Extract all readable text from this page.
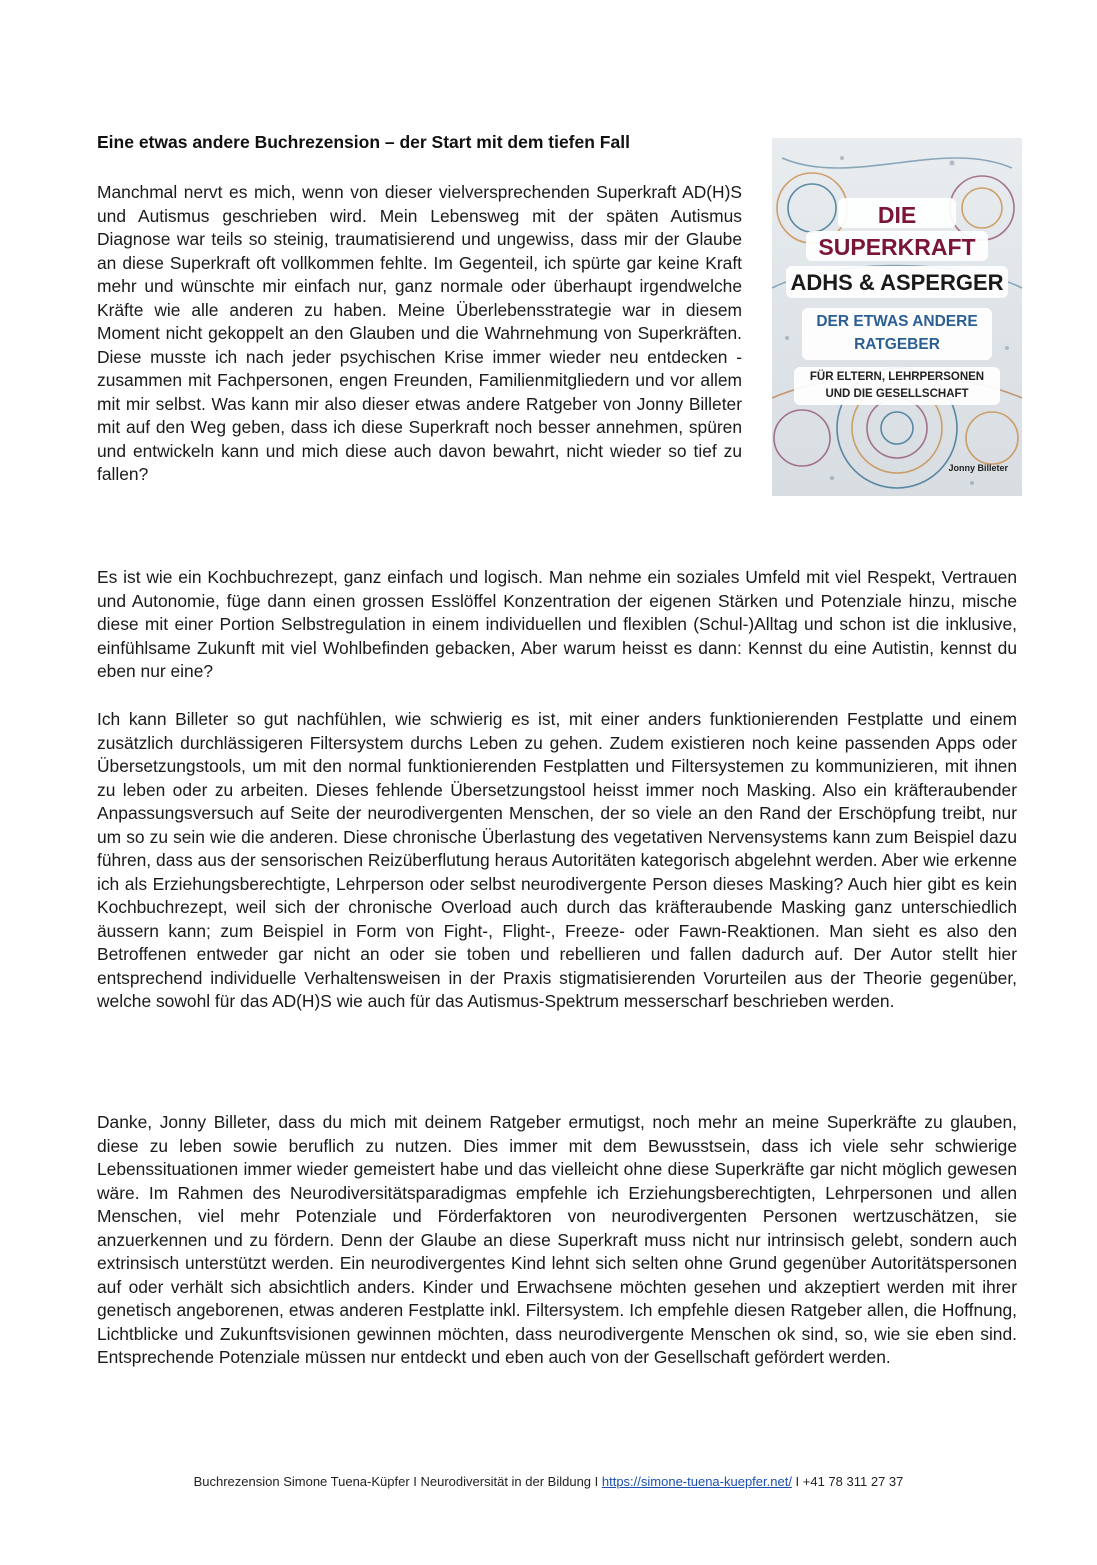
Eine etwas andere Buchrezension – der Start mit dem tiefen Fall

Manchmal nervt es mich, wenn von dieser vielversprechenden Superkraft AD(H)S und Autismus geschrieben wird. Mein Lebensweg mit der späten Autismus Diagnose war teils so steinig, traumatisierend und ungewiss, dass mir der Glaube an diese Superkraft oft vollkommen fehlte. Im Gegenteil, ich spürte gar keine Kraft mehr und wünschte mir einfach nur, ganz normale oder überhaupt irgendwelche Kräfte wie alle anderen zu haben. Meine Überlebensstrategie war in diesem Moment nicht gekoppelt an den Glauben und die Wahrnehmung von Superkräften. Diese musste ich nach jeder psychischen Krise immer wieder neu entdecken - zusammen mit Fachpersonen, engen Freunden, Familienmitgliedern und vor allem mit mir selbst. Was kann mir also dieser etwas andere Ratgeber von Jonny Billeter mit auf den Weg geben, dass ich diese Superkraft noch besser annehmen, spüren und entwickeln kann und mich diese auch davon bewahrt, nicht wieder so tief zu fallen?

DIE
SUPERKRAFT
ADHS & ASPERGER
DER ETWAS ANDERE
RATGEBER
FÜR ELTERN, LEHRPERSONEN
UND DIE GESELLSCHAFT
Jonny Billeter

Es ist wie ein Kochbuchrezept, ganz einfach und logisch. Man nehme ein soziales Umfeld mit viel Respekt, Vertrauen und Autonomie, füge dann einen grossen Esslöffel Konzentration der eigenen Stärken und Potenziale hinzu, mische diese mit einer Portion Selbstregulation in einem individuellen und flexiblen (Schul-)Alltag und schon ist die inklusive, einfühlsame Zukunft mit viel Wohlbefinden gebacken, Aber warum heisst es dann: Kennst du eine Autistin, kennst du eben nur eine?

Ich kann Billeter so gut nachfühlen, wie schwierig es ist, mit einer anders funktionierenden Festplatte und einem zusätzlich durchlässigeren Filtersystem durchs Leben zu gehen. Zudem existieren noch keine passenden Apps oder Übersetzungstools, um mit den normal funktionierenden Festplatten und Filtersystemen zu kommunizieren, mit ihnen zu leben oder zu arbeiten. Dieses fehlende Übersetzungstool heisst immer noch Masking. Also ein kräfteraubender Anpassungsversuch auf Seite der neurodivergenten Menschen, der so viele an den Rand der Erschöpfung treibt, nur um so zu sein wie die anderen. Diese chronische Überlastung des vegetativen Nervensystems kann zum Beispiel dazu führen, dass aus der sensorischen Reizüberflutung heraus Autoritäten kategorisch abgelehnt werden. Aber wie erkenne ich als Erziehungsberechtigte, Lehrperson oder selbst neurodivergente Person dieses Masking? Auch hier gibt es kein Kochbuchrezept, weil sich der chronische Overload auch durch das kräfteraubende Masking ganz unterschiedlich äussern kann; zum Beispiel in Form von Fight-, Flight-, Freeze- oder Fawn-Reaktionen. Man sieht es also den Betroffenen entweder gar nicht an oder sie toben und rebellieren und fallen dadurch auf. Der Autor stellt hier entsprechend individuelle Verhaltensweisen in der Praxis stigmatisierenden Vorurteilen aus der Theorie gegenüber, welche sowohl für das AD(H)S wie auch für das Autismus-Spektrum messerscharf beschrieben werden.

Danke, Jonny Billeter, dass du mich mit deinem Ratgeber ermutigst, noch mehr an meine Superkräfte zu glauben, diese zu leben sowie beruflich zu nutzen. Dies immer mit dem Bewusstsein, dass ich viele sehr schwierige Lebenssituationen immer wieder gemeistert habe und das vielleicht ohne diese Superkräfte gar nicht möglich gewesen wäre. Im Rahmen des Neurodiversitätsparadigmas empfehle ich Erziehungsberechtigten, Lehrpersonen und allen Menschen, viel mehr Potenziale und Förderfaktoren von neurodivergenten Personen wertzuschätzen, sie anzuerkennen und zu fördern. Denn der Glaube an diese Superkraft muss nicht nur intrinsisch gelebt, sondern auch extrinsisch unterstützt werden. Ein neurodivergentes Kind lehnt sich selten ohne Grund gegenüber Autoritätspersonen auf oder verhält sich absichtlich anders. Kinder und Erwachsene möchten gesehen und akzeptiert werden mit ihrer genetisch angeborenen, etwas anderen Festplatte inkl. Filtersystem. Ich empfehle diesen Ratgeber allen, die Hoffnung, Lichtblicke und Zukunftsvisionen gewinnen möchten, dass neurodivergente Menschen ok sind, so, wie sie eben sind. Entsprechende Potenziale müssen nur entdeckt und eben auch von der Gesellschaft gefördert werden.

Buchrezension Simone Tuena-Küpfer I Neurodiversität in der Bildung I https://simone-tuena-kuepfer.net/ I +41 78 311 27 37
